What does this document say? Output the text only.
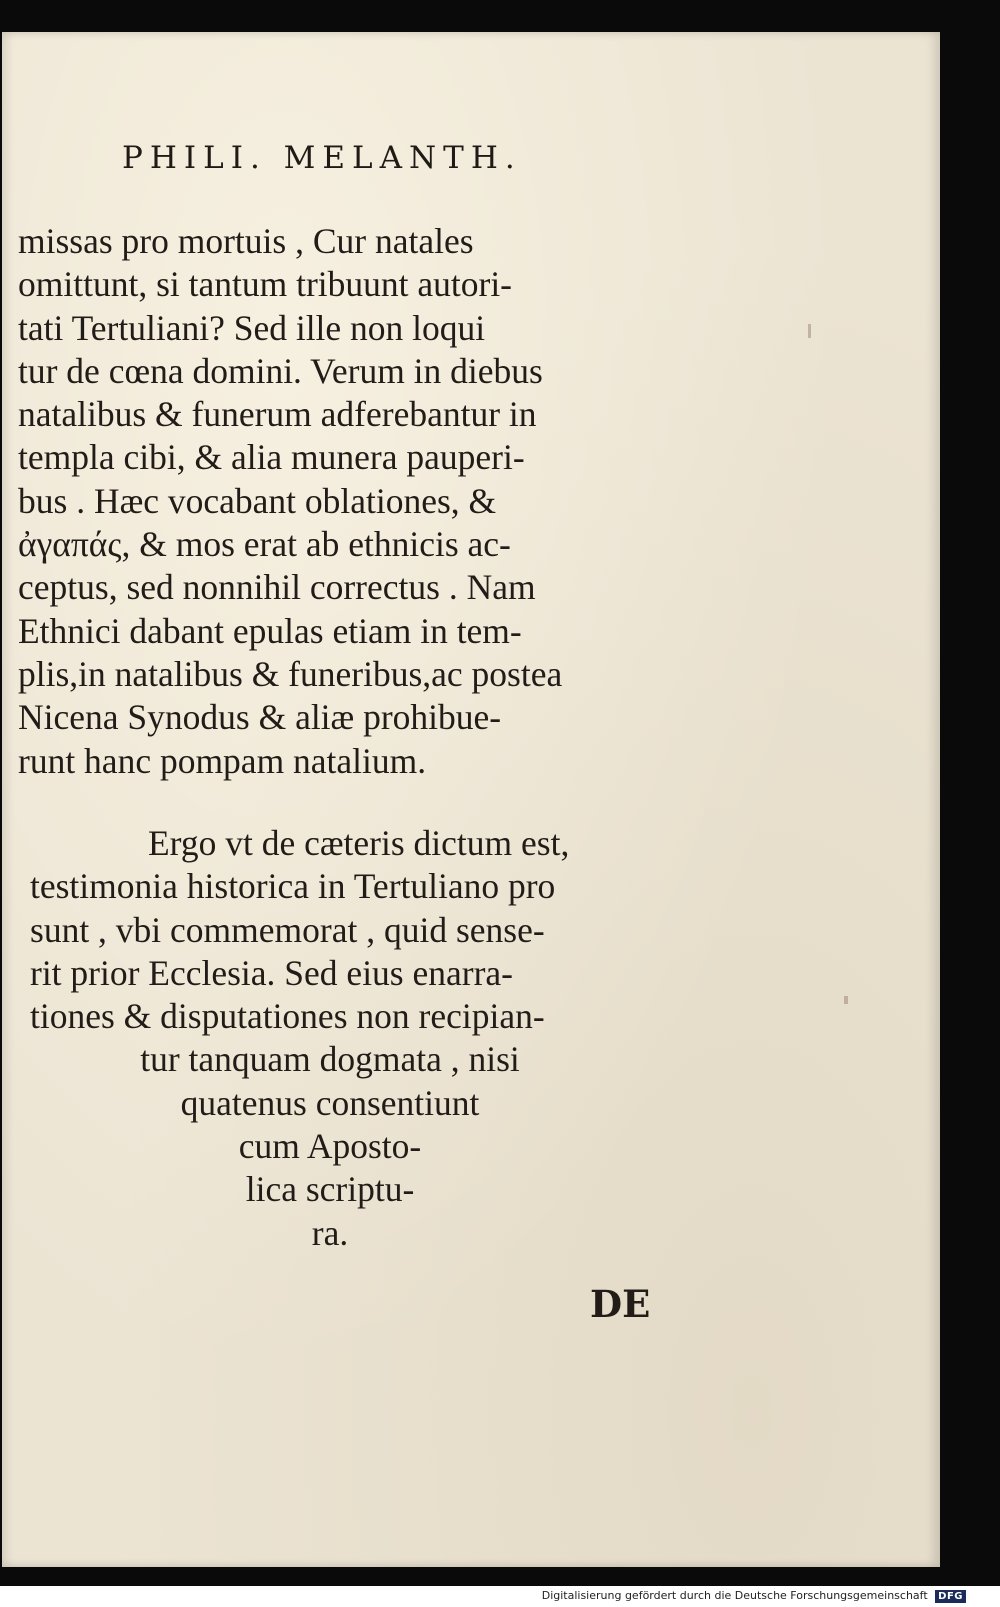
PHILI. MELANTH.
missas pro mortuis , Cur natales
omittunt, si tantum tribuunt autori-
tati Tertuliani? Sed ille non loqui
tur de cœna domini. Verum in diebus
natalibus & funerum adferebantur in
templa cibi, & alia munera pauperi-
bus . Hæc vocabant oblationes, &
ἀγαπάς, & mos erat ab ethnicis ac-
ceptus, sed nonnihil correctus . Nam
Ethnici dabant epulas etiam in tem-
plis,in natalibus & funeribus,ac postea
Nicena Synodus & aliæ prohibue-
runt hanc pompam natalium.
Ergo vt de cæteris dictum est,
testimonia historica in Tertuliano pro
sunt , vbi commemorat , quid sense-
rit prior Ecclesia. Sed eius enarra-
tiones & disputationes non recipian-
tur tanquam dogmata , nisi
quatenus consentiunt
cum Aposto-
lica scriptu-
ra.
DE
Digitalisierung gefördert durch die Deutsche Forschungsgemeinschaft DFG
